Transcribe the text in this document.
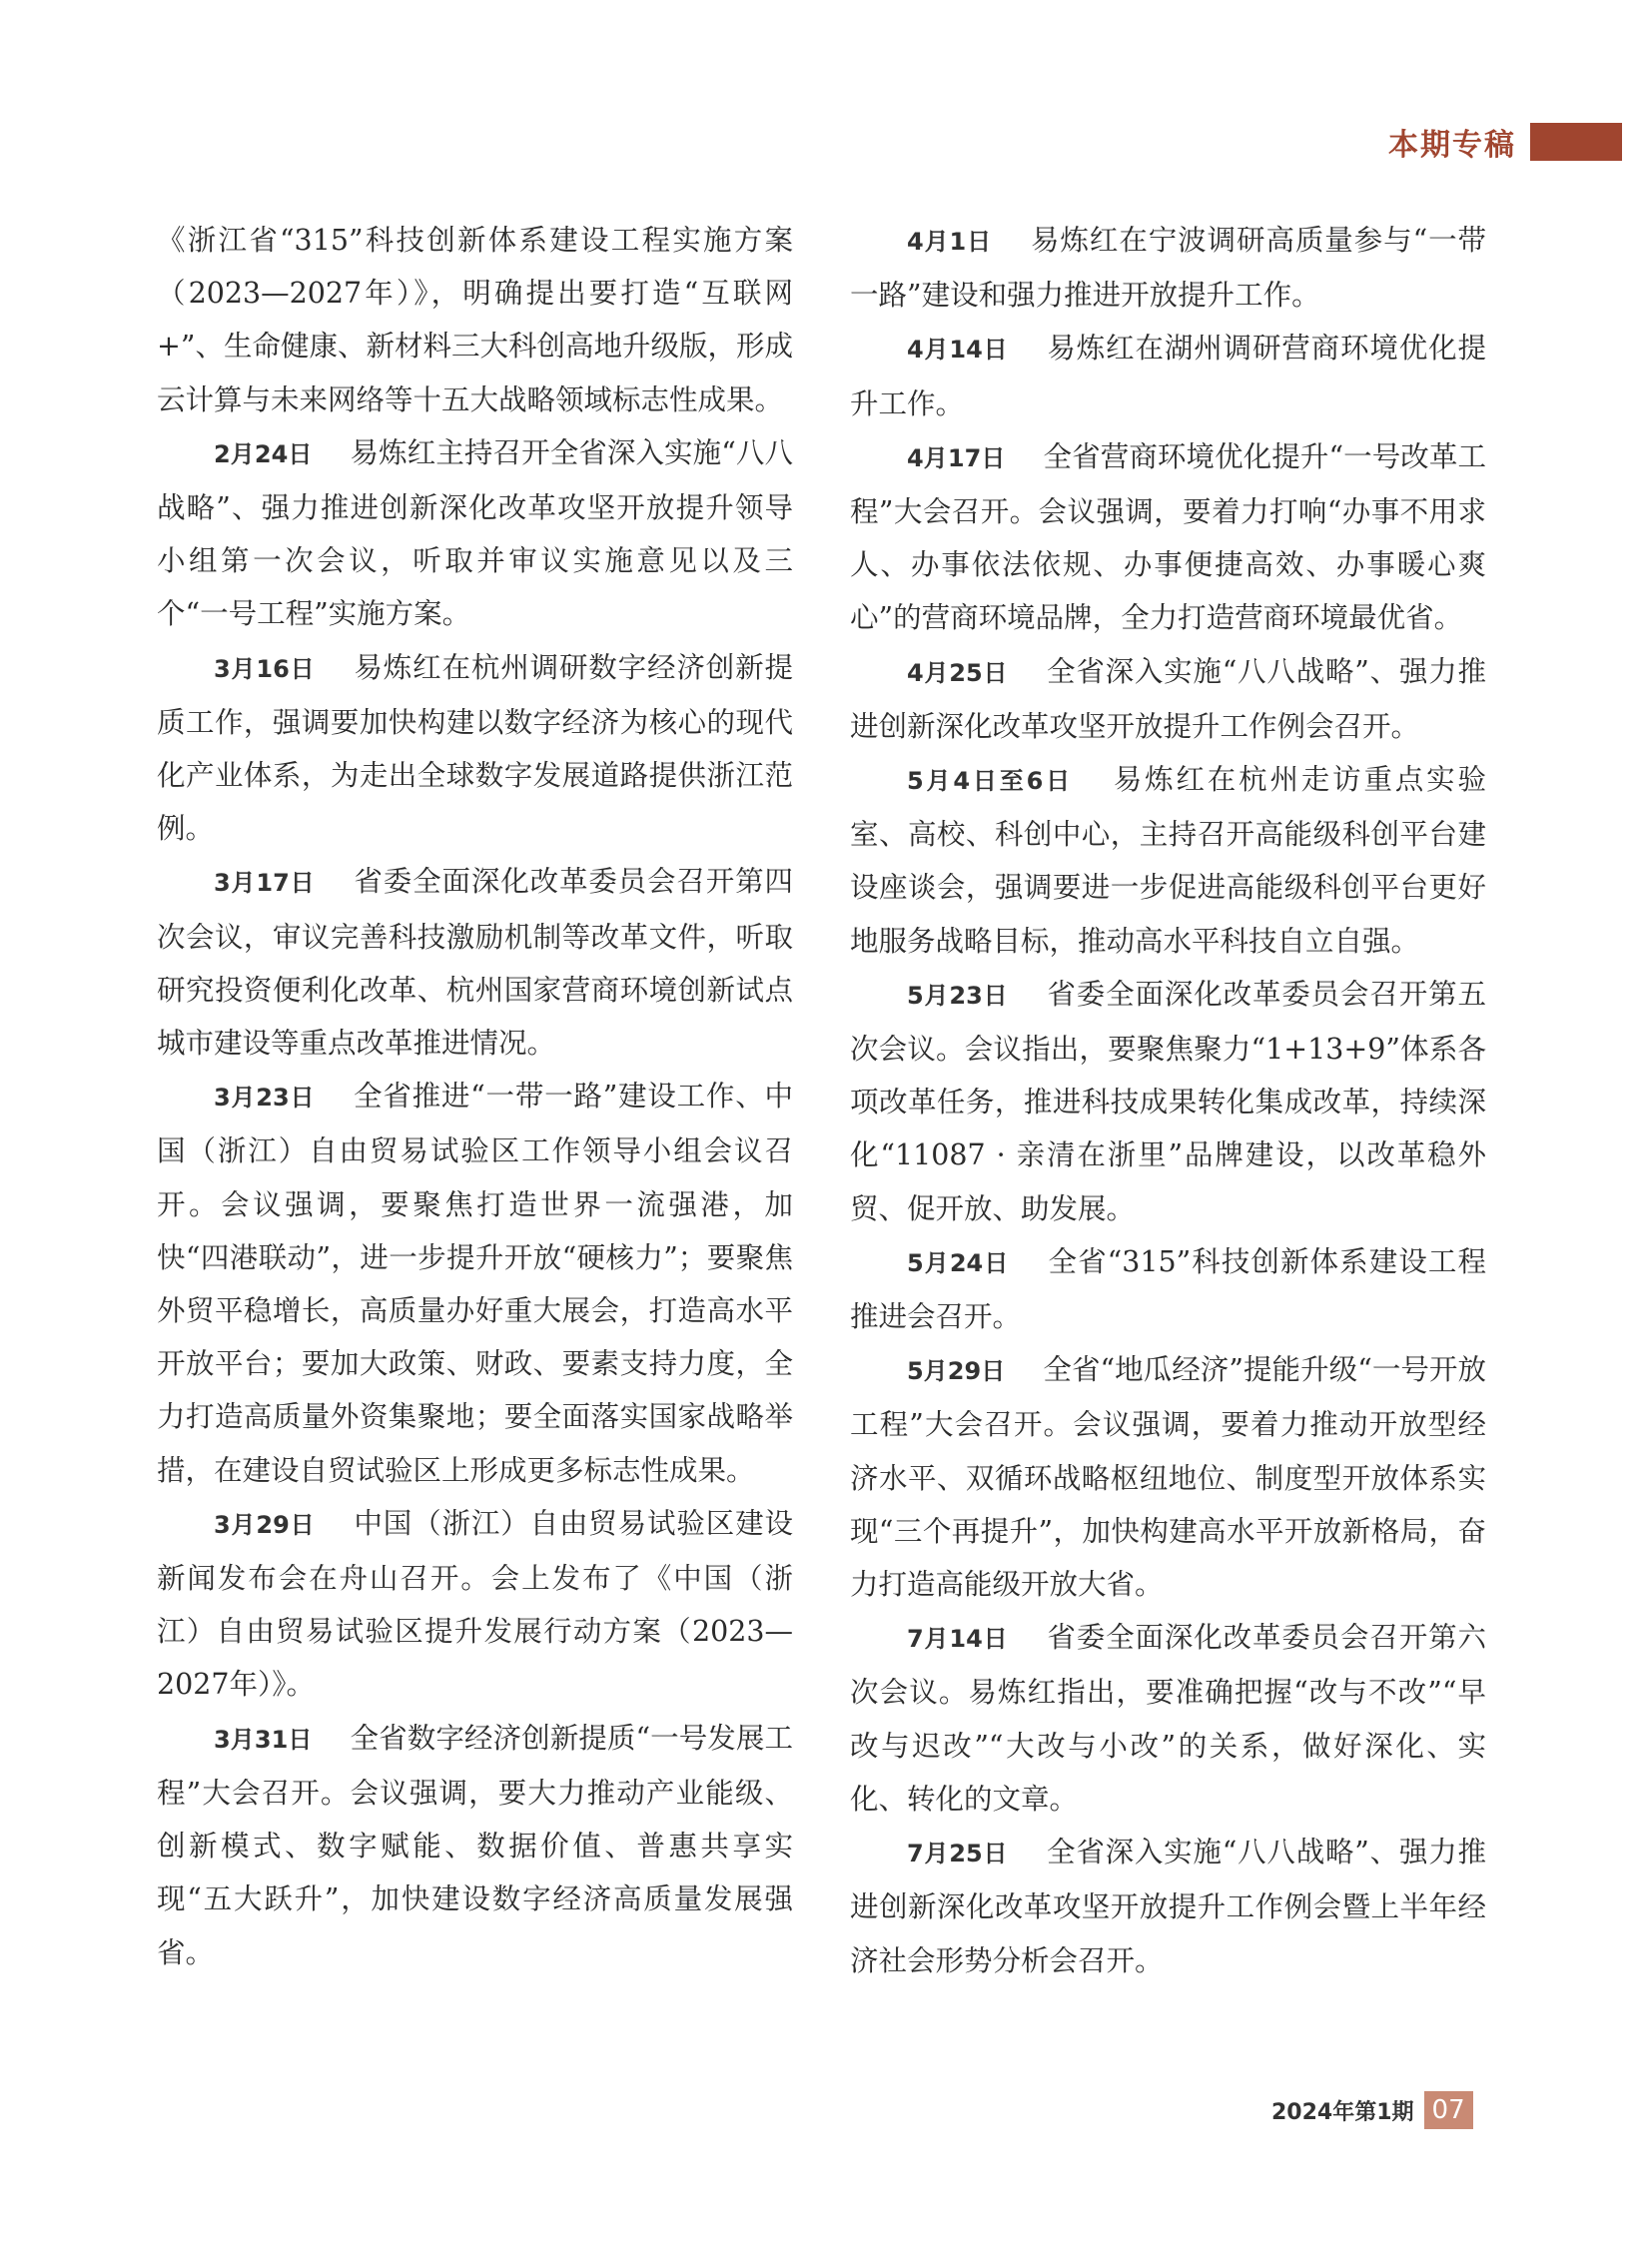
本期专稿

《浙江省“315”科技创新体系建设工程实施方案（2023—2027年）》，明确提出要打造“互联网+”、生命健康、新材料三大科创高地升级版，形成云计算与未来网络等十五大战略领域标志性成果。

2月24日 易炼红主持召开全省深入实施“八八战略”、强力推进创新深化改革攻坚开放提升领导小组第一次会议，听取并审议实施意见以及三个“一号工程”实施方案。

3月16日 易炼红在杭州调研数字经济创新提质工作，强调要加快构建以数字经济为核心的现代化产业体系，为走出全球数字发展道路提供浙江范例。

3月17日 省委全面深化改革委员会召开第四次会议，审议完善科技激励机制等改革文件，听取研究投资便利化改革、杭州国家营商环境创新试点城市建设等重点改革推进情况。

3月23日 全省推进“一带一路”建设工作、中国（浙江）自由贸易试验区工作领导小组会议召开。会议强调，要聚焦打造世界一流强港，加快“四港联动”，进一步提升开放“硬核力”；要聚焦外贸平稳增长，高质量办好重大展会，打造高水平开放平台；要加大政策、财政、要素支持力度，全力打造高质量外资集聚地；要全面落实国家战略举措，在建设自贸试验区上形成更多标志性成果。

3月29日 中国（浙江）自由贸易试验区建设新闻发布会在舟山召开。会上发布了《中国（浙江）自由贸易试验区提升发展行动方案（2023—2027年）》。

3月31日 全省数字经济创新提质“一号发展工程”大会召开。会议强调，要大力推动产业能级、创新模式、数字赋能、数据价值、普惠共享实现“五大跃升”，加快建设数字经济高质量发展强省。

4月1日 易炼红在宁波调研高质量参与“一带一路”建设和强力推进开放提升工作。

4月14日 易炼红在湖州调研营商环境优化提升工作。

4月17日 全省营商环境优化提升“一号改革工程”大会召开。会议强调，要着力打响“办事不用求人、办事依法依规、办事便捷高效、办事暖心爽心”的营商环境品牌，全力打造营商环境最优省。

4月25日 全省深入实施“八八战略”、强力推进创新深化改革攻坚开放提升工作例会召开。

5月4日至6日 易炼红在杭州走访重点实验室、高校、科创中心，主持召开高能级科创平台建设座谈会，强调要进一步促进高能级科创平台更好地服务战略目标，推动高水平科技自立自强。

5月23日 省委全面深化改革委员会召开第五次会议。会议指出，要聚焦聚力“1+13+9”体系各项改革任务，推进科技成果转化集成改革，持续深化“11087 · 亲清在浙里”品牌建设，以改革稳外贸、促开放、助发展。

5月24日 全省“315”科技创新体系建设工程推进会召开。

5月29日 全省“地瓜经济”提能升级“一号开放工程”大会召开。会议强调，要着力推动开放型经济水平、双循环战略枢纽地位、制度型开放体系实现“三个再提升”，加快构建高水平开放新格局，奋力打造高能级开放大省。

7月14日 省委全面深化改革委员会召开第六次会议。易炼红指出，要准确把握“改与不改”“早改与迟改”“大改与小改”的关系，做好深化、实化、转化的文章。

7月25日 全省深入实施“八八战略”、强力推进创新深化改革攻坚开放提升工作例会暨上半年经济社会形势分析会召开。

2024年第1期 07
